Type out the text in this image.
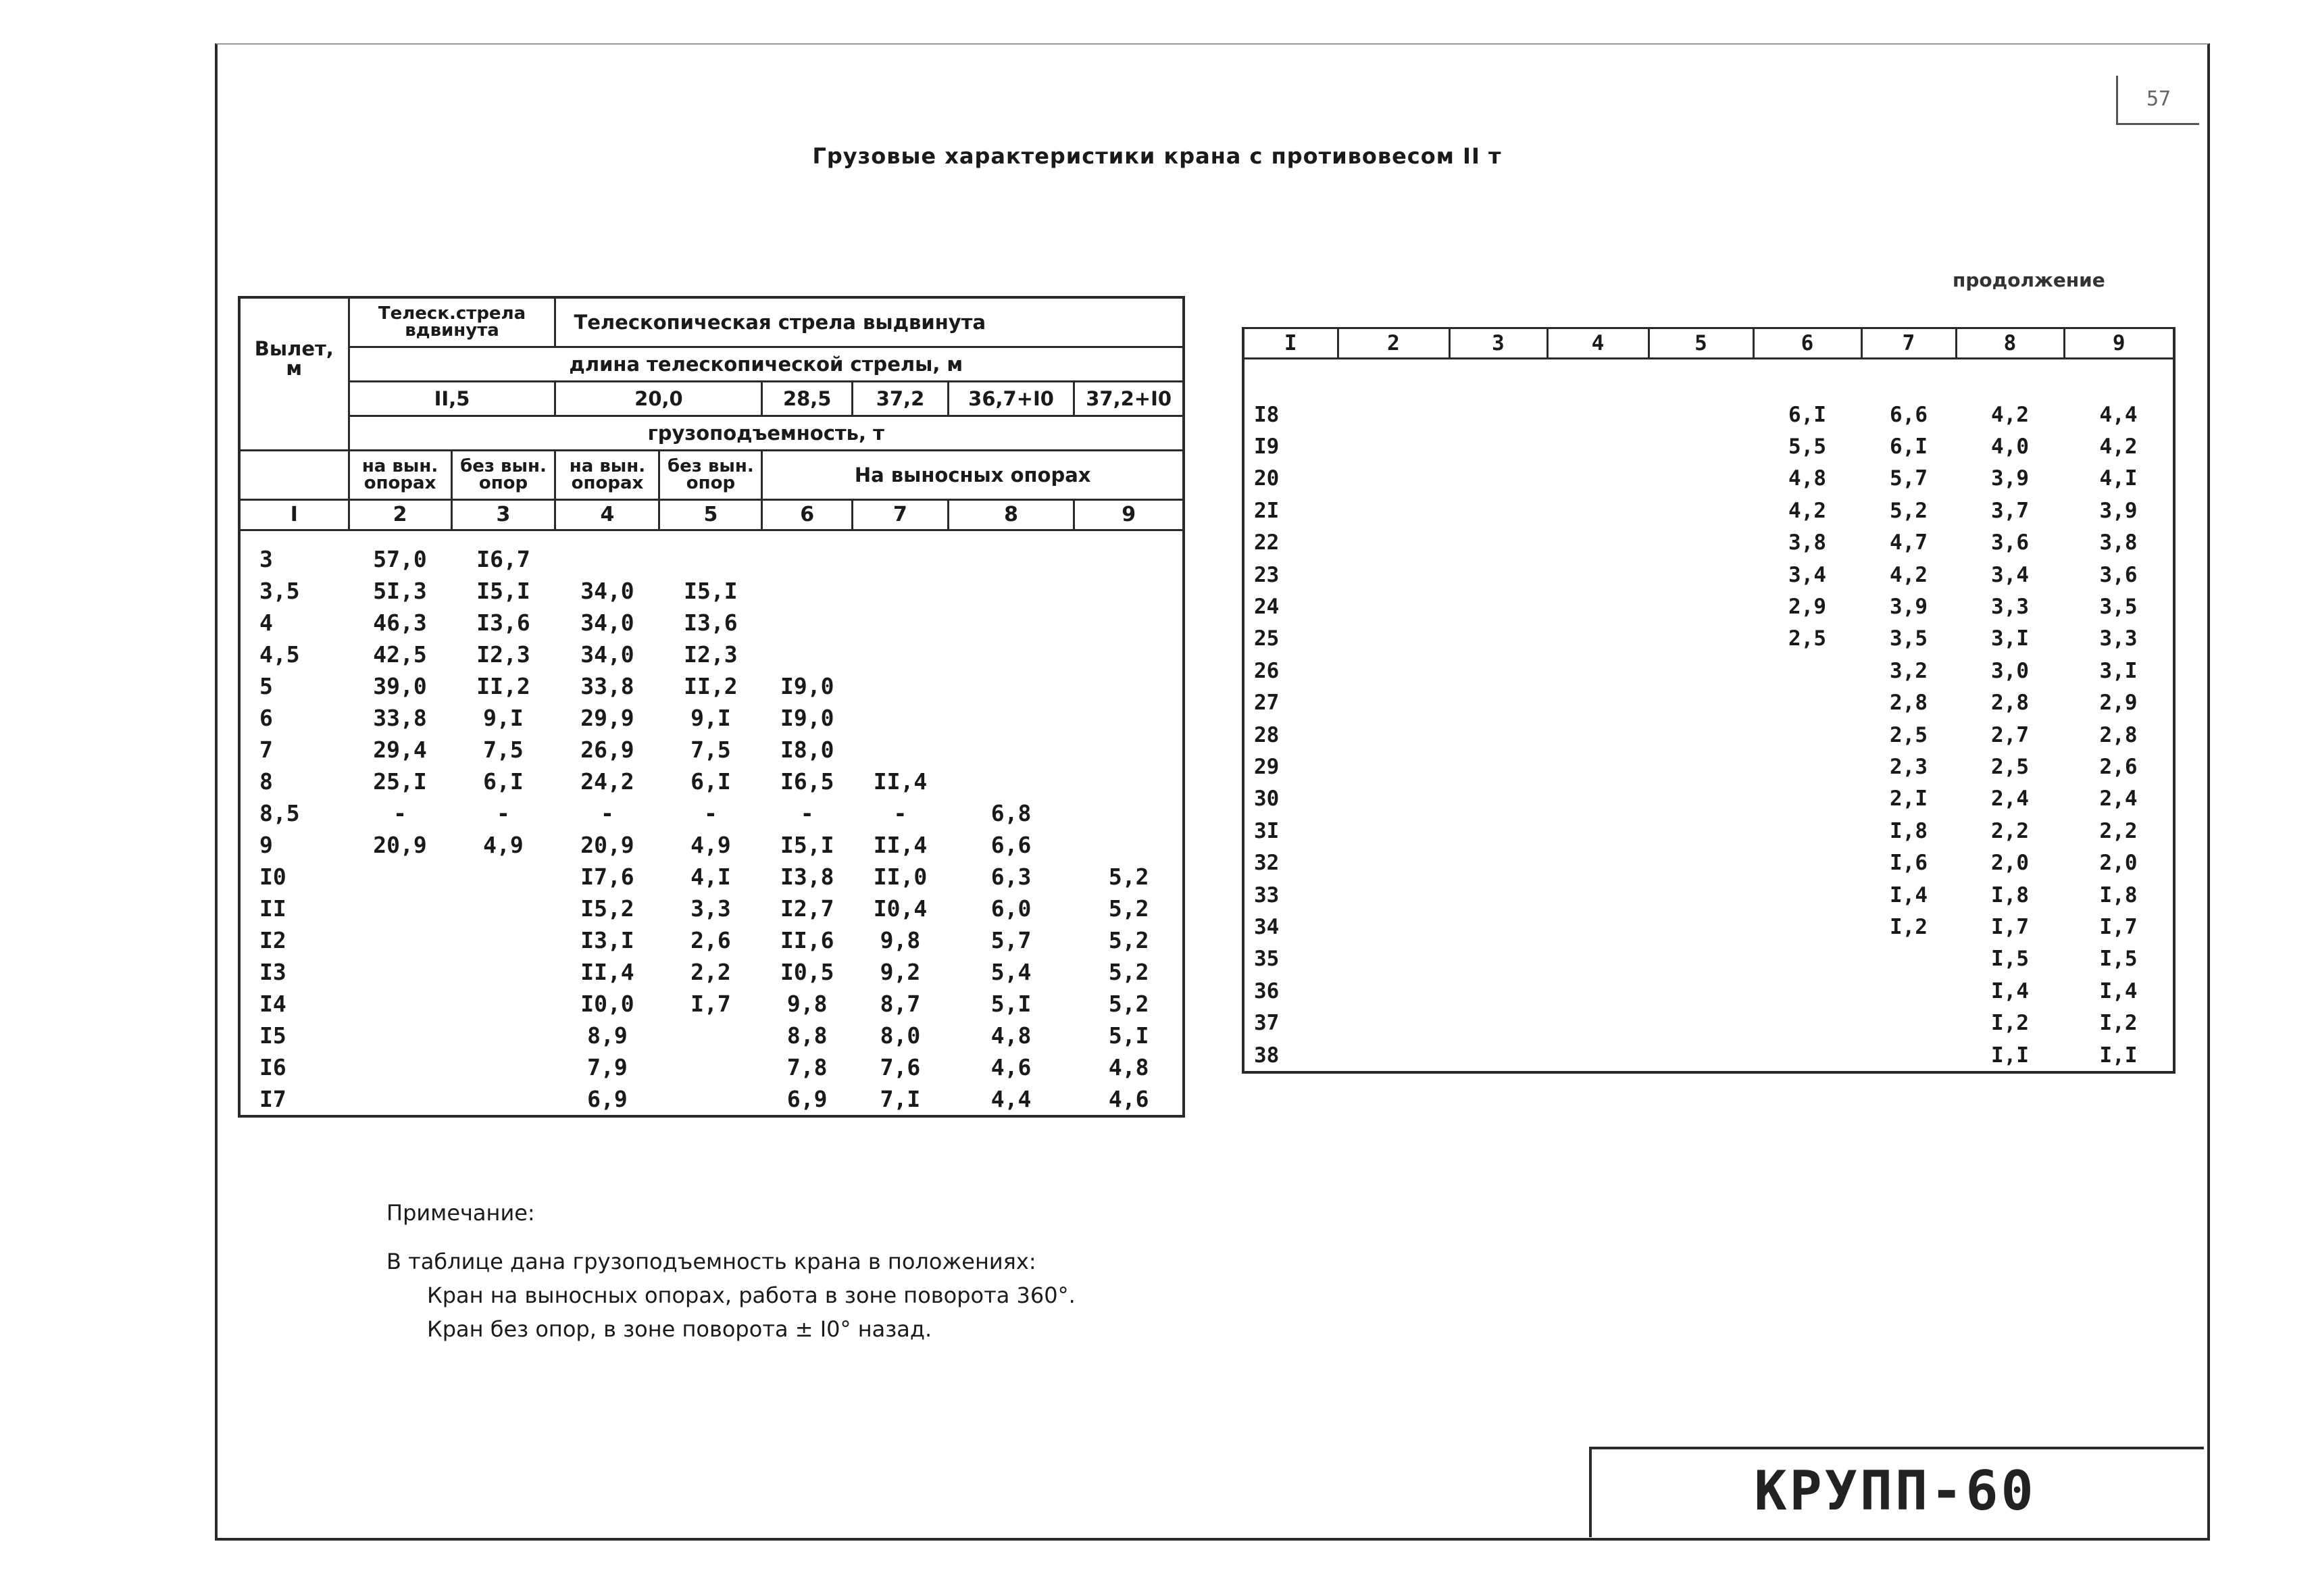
КРУПП-60
57
Грузовые характеристики крана с противовесом II т
Вылет, м	Телеск.стрела вдвинута		Телескопическая стрела выдвинута					
	длина телескопической стрелы, м							
	II,5		20,0		28,5	37,2	36,7+I0	37,2+I0
	грузоподъемность, т							
	на вын. опорах	без вын. опор	на вын. опорах	без вын. опор	На выносных опорах			
I	2	3	4	5	6	7	8	9
3	57,0	I6,7						
3,5	5I,3	I5,I	34,0	I5,I				
4	46,3	I3,6	34,0	I3,6				
4,5	42,5	I2,3	34,0	I2,3				
5	39,0	II,2	33,8	II,2	I9,0			
6	33,8	9,I	29,9	9,I	I9,0			
7	29,4	7,5	26,9	7,5	I8,0			
8	25,I	6,I	24,2	6,I	I6,5	II,4		
8,5	-	-	-	-	-	-	6,8	
9	20,9	4,9	20,9	4,9	I5,I	II,4	6,6	
I0			I7,6	4,I	I3,8	II,0	6,3	5,2
II			I5,2	3,3	I2,7	I0,4	6,0	5,2
I2			I3,I	2,6	II,6	9,8	5,7	5,2
I3			II,4	2,2	I0,5	9,2	5,4	5,2
I4			I0,0	I,7	9,8	8,7	5,I	5,2
I5			8,9		8,8	8,0	4,8	5,I
I6			7,9		7,8	7,6	4,6	4,8
I7			6,9		6,9	7,I	4,4	4,6
продолжение
I	2	3	4	5	6	7	8	9

I8					6,I	6,6	4,2	4,4
I9					5,5	6,I	4,0	4,2
20					4,8	5,7	3,9	4,I
2I					4,2	5,2	3,7	3,9
22					3,8	4,7	3,6	3,8
23					3,4	4,2	3,4	3,6
24					2,9	3,9	3,3	3,5
25					2,5	3,5	3,I	3,3
26						3,2	3,0	3,I
27						2,8	2,8	2,9
28						2,5	2,7	2,8
29						2,3	2,5	2,6
30						2,I	2,4	2,4
3I						I,8	2,2	2,2
32						I,6	2,0	2,0
33						I,4	I,8	I,8
34						I,2	I,7	I,7
35							I,5	I,5
36							I,4	I,4
37							I,2	I,2
38							I,I	I,I
Примечание:
В таблице дана грузоподъемность крана в положениях:
Кран на выносных опорах, работа в зоне поворота 360°.
Кран без опор, в зоне поворота ± I0° назад.
